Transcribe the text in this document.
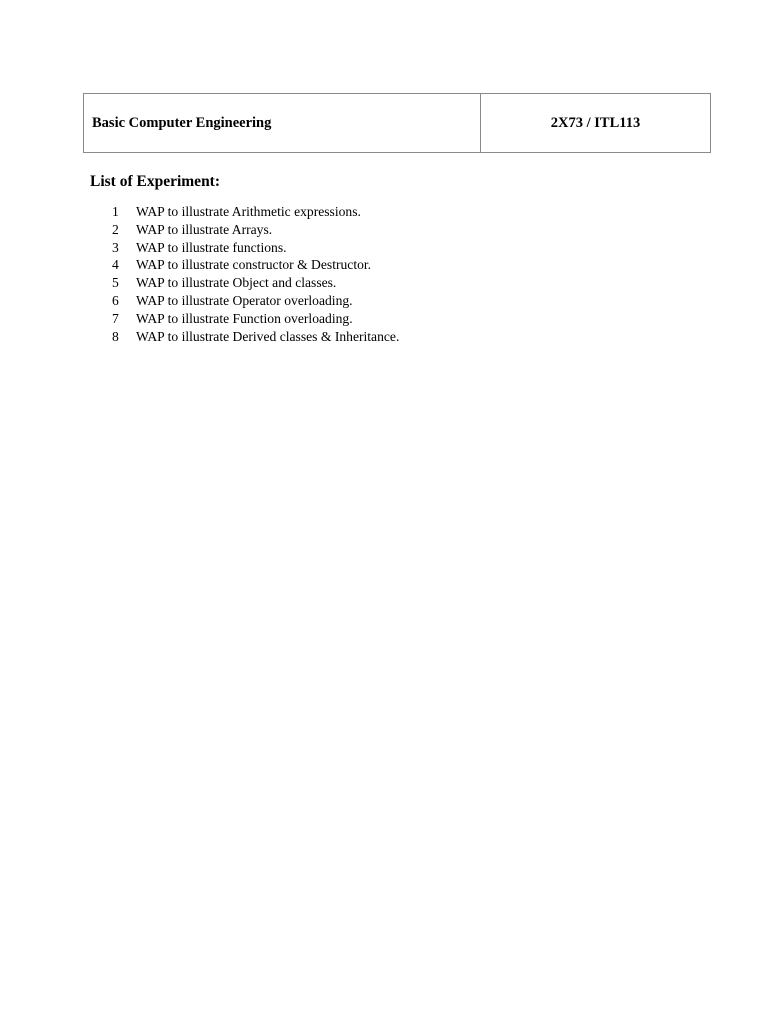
Basic Computer Engineering	2X73 / ITL113
List of Experiment:
1	WAP to illustrate Arithmetic expressions.
2	WAP to illustrate Arrays.
3	WAP to illustrate functions.
4	WAP to illustrate constructor & Destructor.
5	WAP to illustrate Object and classes.
6	WAP to illustrate Operator overloading.
7	WAP to illustrate Function overloading.
8	WAP to illustrate Derived classes & Inheritance.
